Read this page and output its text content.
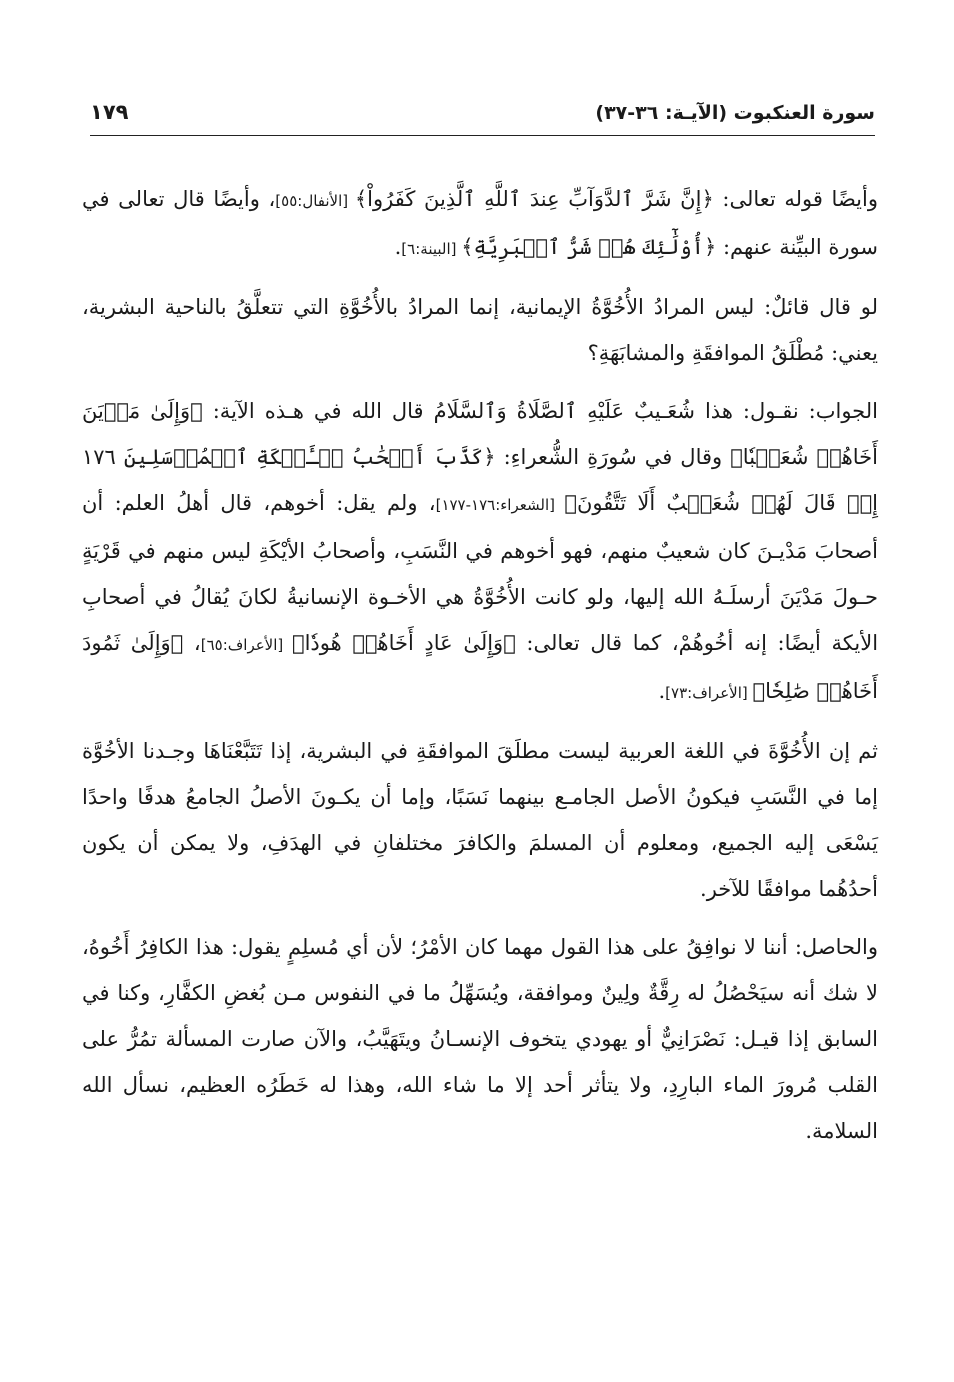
سورة العنكبوت (الآيـة: ٣٦-٣٧)
١٧٩

وأيضًا قوله تعالى: ﴿إِنَّ شَرَّ ٱلدَّوَآبِّ عِندَ ٱللَّهِ ٱلَّذِينَ كَفَرُواْ﴾ [الأنفال:٥٥]، وأيضًا قال تعالى في سورة البيِّنة عنهم: ﴿أُوْلَٰٓئِكَ هُمۡ شَرُّ ٱلۡبَرِيَّةِ﴾ [البينة:٦].

لو قال قائلٌ: ليس المرادُ الأُخُوَّةُ الإيمانية، إنما المرادُ بالأُخُوَّةِ التي تتعلَّقُ بالناحية البشرية، يعني: مُطْلَقُ الموافقَةِ والمشابَهَةِ؟

الجواب: نقـول: هذا شُعَـيبٌ عَلَيْهِ ٱلصَّلَاةُ وَٱلسَّلَامُ قال الله في هـذه الآية: ﴿وَإِلَىٰ مَدۡيَنَ أَخَاهُمۡ شُعَيۡبٗا﴾ وقال في سُورَةِ الشُّعراءِ: ﴿كَذَّبَ أَصۡحَٰبُ لۡـَٔيۡكَةِ ٱلۡمُرۡسَلِينَ ١٧٦ إِذۡ قَالَ لَهُمۡ شُعَيۡبٌ أَلَا تَتَّقُونَ﴾ [الشعراء:١٧٦-١٧٧]، ولم يقل: أخوهم، قال أهلُ العلم: أن أصحابَ مَدْيـنَ كان شعيبٌ منهم، فهو أخوهم في النَّسَبِ، وأصحابُ الأيْكَةِ ليس منهم في قَرْيَةٍ حـولَ مَدْيَنَ أرسلَـهُ الله إليها، ولو كانت الأُخُوَّةُ هي الأخـوة الإنسانيةُ لكانَ يُقالُ في أصحابِ الأيكة أيضًا: إنه أخُوهُمْ، كما قال تعالى: ﴿وَإِلَىٰ عَادٍ أَخَاهُمۡ هُودٗا﴾ [الأعراف:٦٥]، ﴿وَإِلَىٰ ثَمُودَ أَخَاهُمۡ صَٰلِحٗا﴾ [الأعراف:٧٣].

ثم إن الأُخُوَّةَ في اللغة العربية ليست مطلَقَ الموافقَةِ في البشرية، إذا تَتَبَّعْنَاهَا وجـدنا الأخُوَّة إما في النَّسَبِ فيكونُ الأصل الجامـع بينهما نَسَبًا، وإما أن يكـونَ الأصلُ الجامعُ هدفًا واحدًا يَسْعَى إليه الجميع، ومعلوم أن المسلمَ والكافرَ مختلفانِ في الهدَفِ، ولا يمكن أن يكون أحدُهُما موافقًا للآخر.

والحاصل: أننا لا نوافِقُ على هذا القول مهما كان الأمْرُ؛ لأن أي مُسلِمٍ يقول: هذا الكافِرُ أَخُوهُ، لا شك أنه سيَحْصُلُ له رِقَّةٌ ولِينٌ وموافقة، ويُسَهِّلُ ما في النفوس مـن بُغضِ الكفَّارِ، وكنا في السابق إذا قيـل: نَصْرَانِيٌّ أو يهودي يتخوف الإنسـانُ ويتَهَيَّبُ، والآن صارت المسألة تمُرُّ على القلب مُرورَ الماء البارِدِ، ولا يتأثر أحد إلا ما شاء الله، وهذا له خَطَرُه العظيم، نسأل الله السلامة.
